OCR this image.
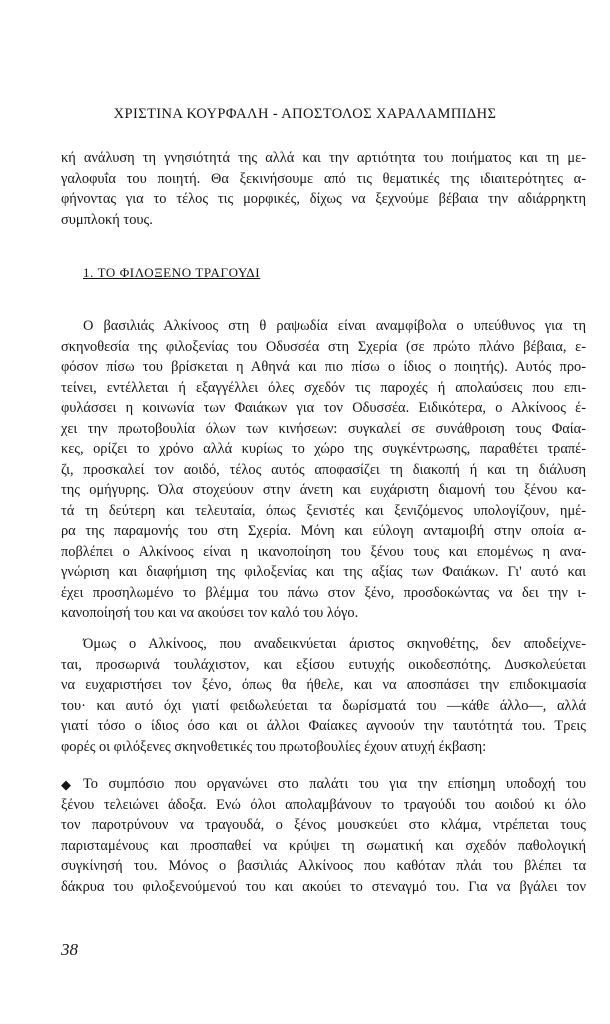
ΧΡΙΣΤΙΝΑ ΚΟΥΡΦΑΛΗ - ΑΠΟΣΤΟΛΟΣ ΧΑΡΑΛΑΜΠΙΔΗΣ
κή ανάλυση τη γνησιότητά της αλλά και την αρτιότητα του ποιήματος και τη με-
γαλοφυΐα του ποιητή. Θα ξεκινήσουμε από τις θεματικές της ιδιαιτερότητες α-
φήνοντας για το τέλος τις μορφικές, δίχως να ξεχνούμε βέβαια την αδιάρρηκτη
συμπλοκή τους.
1. ΤΟ ΦΙΛΟΞΕΝΟ ΤΡΑΓΟΥΔΙ
Ο βασιλιάς Αλκίνοος στη θ ραψωδία είναι αναμφίβολα ο υπεύθυνος για τη
σκηνοθεσία της φιλοξενίας του Οδυσσέα στη Σχερία (σε πρώτο πλάνο βέβαια, ε-
φόσον πίσω του βρίσκεται η Αθηνά και πιο πίσω ο ίδιος ο ποιητής). Αυτός προ-
τείνει, εντέλλεται ή εξαγγέλλει όλες σχεδόν τις παροχές ή απολαύσεις που επι-
φυλάσσει η κοινωνία των Φαιάκων για τον Οδυσσέα. Ειδικότερα, ο Αλκίνοος έ-
χει την πρωτοβουλία όλων των κινήσεων: συγκαλεί σε συνάθροιση τους Φαία-
κες, ορίζει το χρόνο αλλά κυρίως το χώρο της συγκέντρωσης, παραθέτει τραπέ-
ζι, προσκαλεί τον αοιδό, τέλος αυτός αποφασίζει τη διακοπή ή και τη διάλυση
της ομήγυρης. Όλα στοχεύουν στην άνετη και ευχάριστη διαμονή του ξένου κα-
τά τη δεύτερη και τελευταία, όπως ξενιστές και ξενιζόμενος υπολογίζουν, ημέ-
ρα της παραμονής του στη Σχερία. Μόνη και εύλογη ανταμοιβή στην οποία α-
ποβλέπει ο Αλκίνοος είναι η ικανοποίηση του ξένου τους και επομένως η ανα-
γνώριση και διαφήμιση της φιλοξενίας και της αξίας των Φαιάκων. Γι' αυτό και
έχει προσηλωμένο το βλέμμα του πάνω στον ξένο, προσδοκώντας να δει την ι-
κανοποίησή του και να ακούσει τον καλό του λόγο.
Όμως ο Αλκίνοος, που αναδεικνύεται άριστος σκηνοθέτης, δεν αποδείχνε-
ται, προσωρινά τουλάχιστον, και εξίσου ευτυχής οικοδεσπότης. Δυσκολεύεται
να ευχαριστήσει τον ξένο, όπως θα ήθελε, και να αποσπάσει την επιδοκιμασία
του· και αυτό όχι γιατί φειδωλεύεται τα δωρίσματά του —κάθε άλλο—, αλλά
γιατί τόσο ο ίδιος όσο και οι άλλοι Φαίακες αγνοούν την ταυτότητά του. Τρεις
φορές οι φιλόξενες σκηνοθετικές του πρωτοβουλίες έχουν ατυχή έκβαση:
◆ Το συμπόσιο που οργανώνει στο παλάτι του για την επίσημη υποδοχή του
ξένου τελειώνει άδοξα. Ενώ όλοι απολαμβάνουν το τραγούδι του αοιδού κι όλο
τον παροτρύνουν να τραγουδά, ο ξένος μουσκεύει στο κλάμα, ντρέπεται τους
παρισταμένους και προσπαθεί να κρύψει τη σωματική και σχεδόν παθολογική
συγκίνησή του. Μόνος ο βασιλιάς Αλκίνοος που καθόταν πλάι του βλέπει τα
δάκρυα του φιλοξενούμενού του και ακούει το στεναγμό του. Για να βγάλει τον
38
